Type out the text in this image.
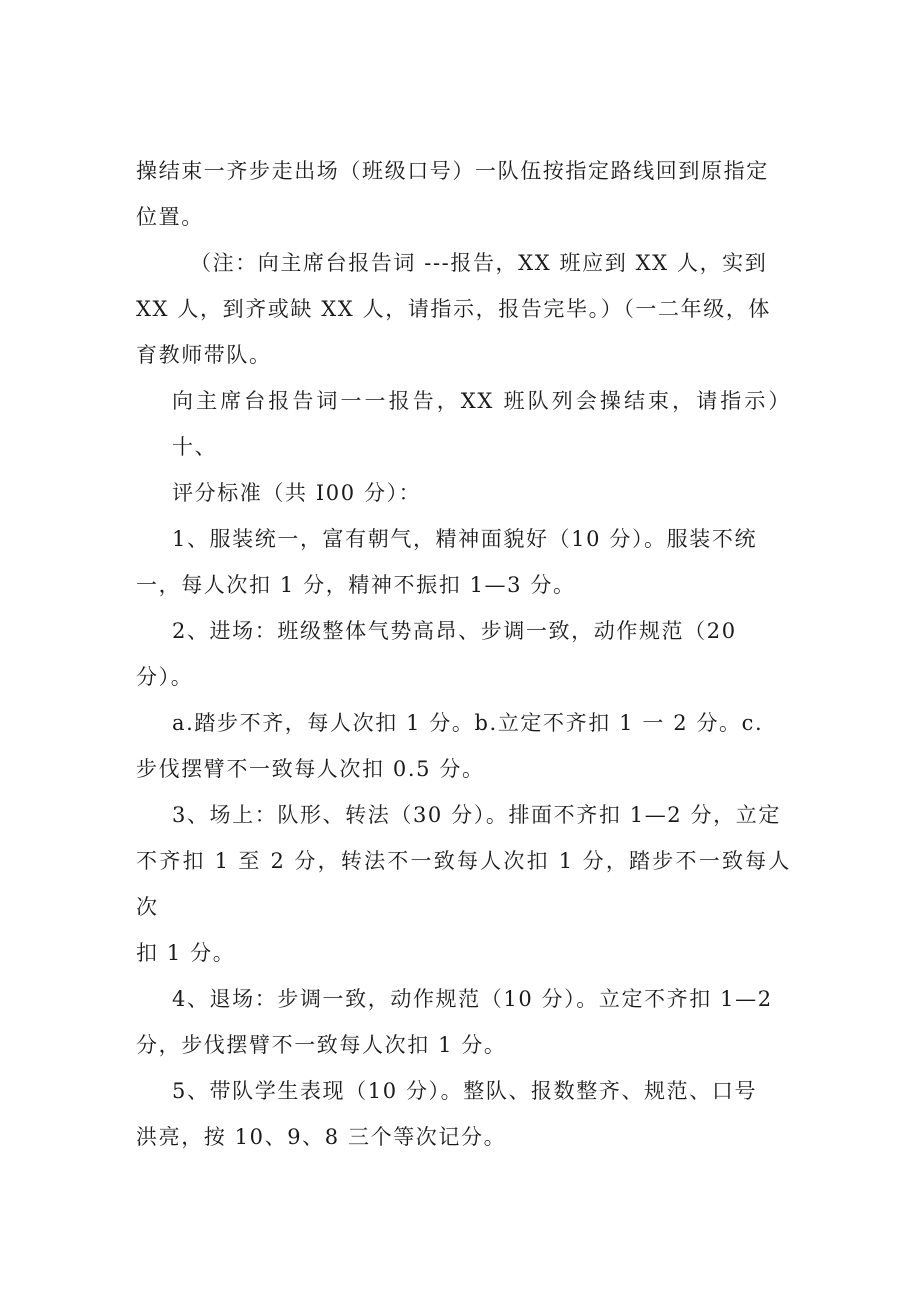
操结束一齐步走出场（班级口号）一队伍按指定路线回到原指定
位置。

（注：向主席台报告词 ---报告，XX 班应到 XX 人，实到
XX 人，到齐或缺 XX 人，请指示，报告完毕。）（一二年级，体
育教师带队。

向主席台报告词一一报告，XX 班队列会操结束，请指示）十、
评分标准（共 I00 分）：

1、服装统一，富有朝气，精神面貌好（10 分）。服装不统
一，每人次扣 1 分，精神不振扣 1—3 分。

2、进场：班级整体气势高昂、步调一致，动作规范（20
分）。

a.踏步不齐，每人次扣 1 分。b.立定不齐扣 1 一 2 分。c.
步伐摆臂不一致每人次扣 0.5 分。

3、场上：队形、转法（30 分）。排面不齐扣 1—2 分，立定
不齐扣 1 至 2 分，转法不一致每人次扣 1 分，踏步不一致每人次
扣 1 分。

4、退场：步调一致，动作规范（10 分）。立定不齐扣 1—2
分，步伐摆臂不一致每人次扣 1 分。

5、带队学生表现（10 分）。整队、报数整齐、规范、口号
洪亮，按 10、9、8 三个等次记分。
